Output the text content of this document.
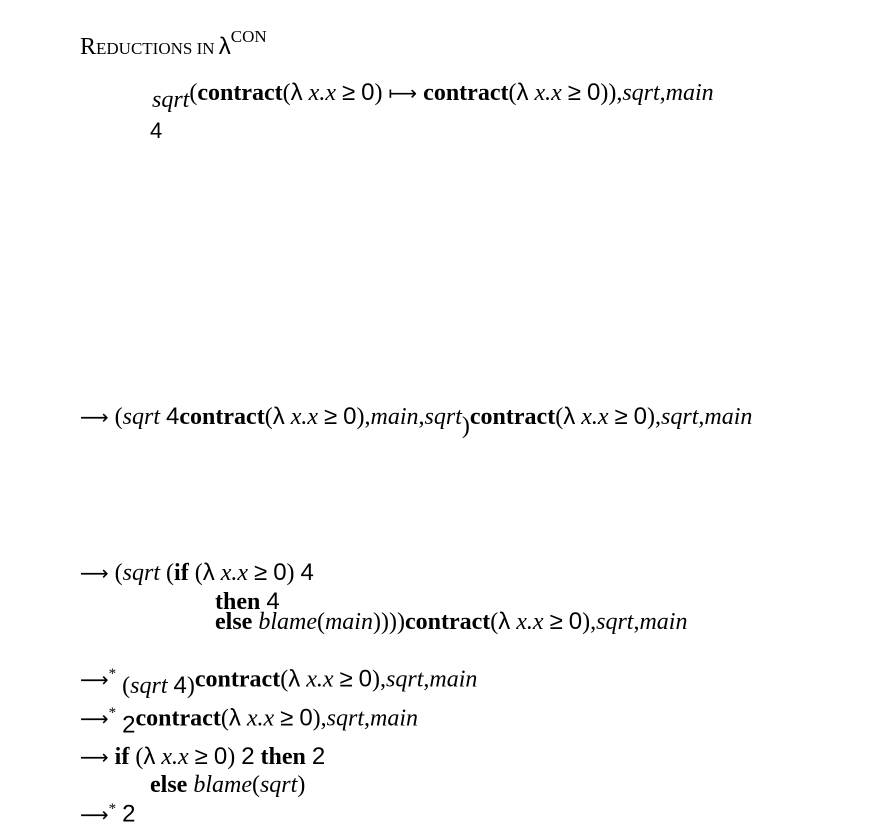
REDUCTIONS IN $\lambda^{CON}$
sqrt(contract(λ x.x ≥ 0) ⟼ contract(λ x.x ≥ 0)),sqrt,main
4
⟶ (sqrt 4contract(λ x.x ≥ 0),main,sqrt)contract(λ x.x ≥ 0),sqrt,main
⟶ (sqrt (if (λ x.x ≥ 0) 4
then 4
else blame(main))))contract(λ x.x ≥ 0),sqrt,main
⟶* (sqrt 4)contract(λ x.x ≥ 0),sqrt,main
⟶* 2contract(λ x.x ≥ 0),sqrt,main
⟶ if (λ x.x ≥ 0) 2 then 2
else blame(sqrt)
⟶* 2
